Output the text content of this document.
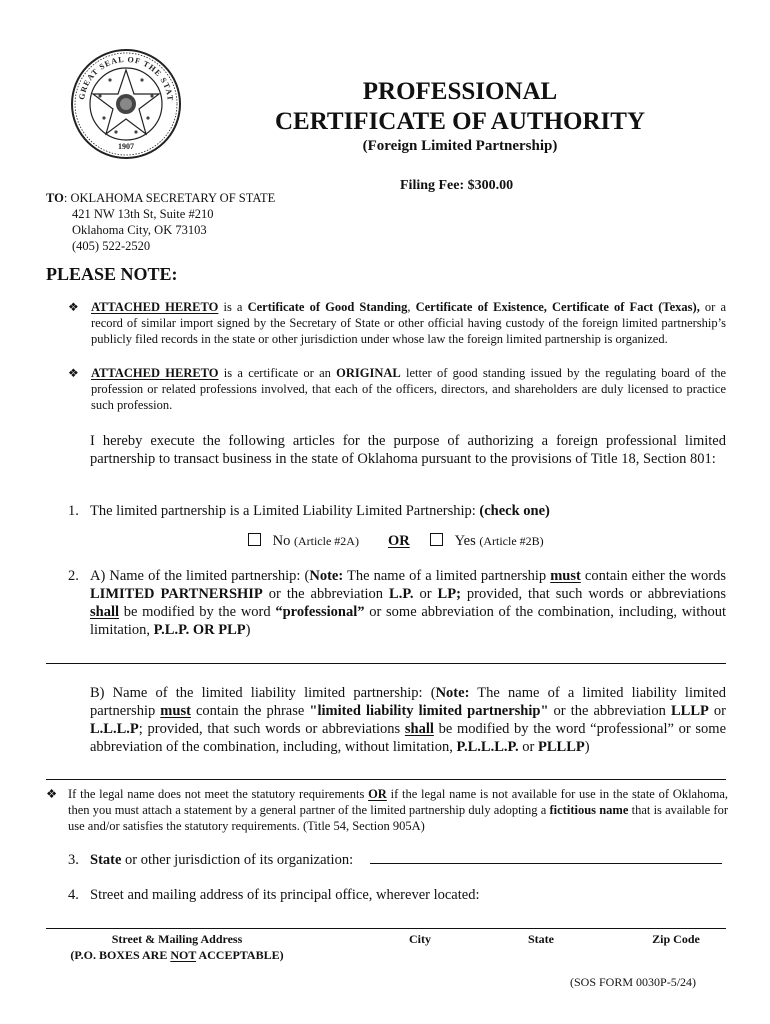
GREAT SEAL OF THE STAT
1907
PROFESSIONAL
CERTIFICATE OF AUTHORITY
(Foreign Limited Partnership)
Filing Fee: $300.00
TO: OKLAHOMA SECRETARY OF STATE
421 NW 13th St, Suite #210
Oklahoma City, OK 73103
(405) 522-2520
PLEASE NOTE:
❖ ATTACHED HERETO is a Certificate of Good Standing, Certificate of Existence, Certificate of Fact (Texas), or a record of similar import signed by the Secretary of State or other official having custody of the foreign limited partnership’s publicly filed records in the state or other jurisdiction under whose law the foreign limited partnership is organized.
❖ ATTACHED HERETO is a certificate or an ORIGINAL letter of good standing issued by the regulating board of the profession or related professions involved, that each of the officers, directors, and shareholders are duly licensed to practice such profession.
I hereby execute the following articles for the purpose of authorizing a foreign professional limited partnership to transact business in the state of Oklahoma pursuant to the provisions of Title 18, Section 801:
1. The limited partnership is a Limited Liability Limited Partnership: (check one)
No (Article #2A) OR	Yes (Article #2B)
2. A) Name of the limited partnership: (Note: The name of a limited partnership must contain either the words LIMITED PARTNERSHIP or the abbreviation L.P. or LP; provided, that such words or abbreviations shall be modified by the word “professional” or some abbreviation of the combination, including, without limitation, P.L.P. OR PLP)
B) Name of the limited liability limited partnership: (Note: The name of a limited liability limited partnership must contain the phrase "limited liability limited partnership" or the abbreviation LLLP or L.L.L.P; provided, that such words or abbreviations shall be modified by the word “professional” or some abbreviation of the combination, including, without limitation, P.L.L.L.P. or PLLLP)
❖ If the legal name does not meet the statutory requirements OR if the legal name is not available for use in the state of Oklahoma, then you must attach a statement by a general partner of the limited partnership duly adopting a fictitious name that is available for use and/or satisfies the statutory requirements. (Title 54, Section 905A)
3. State or other jurisdiction of its organization:
4. Street and mailing address of its principal office, wherever located:
Street & Mailing Address
(P.O. BOXES ARE NOT ACCEPTABLE)
City	State	Zip Code
(SOS FORM 0030P-5/24)
